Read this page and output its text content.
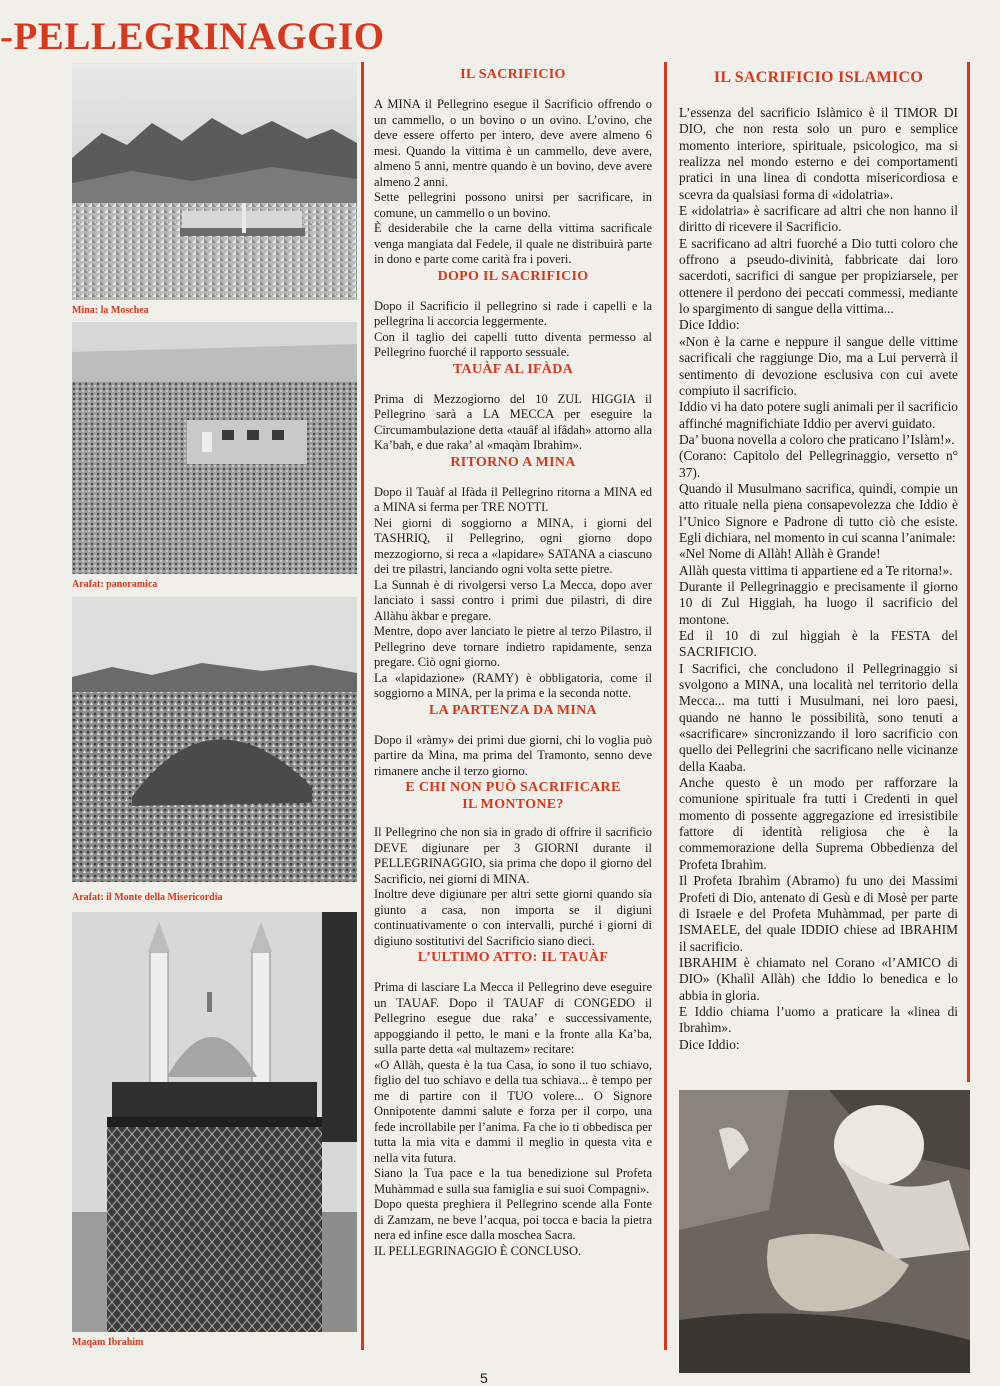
-PELLEGRINAGGIO
Mina: la Moschea
Arafat: panoramica
Arafat: il Monte della Misericordia
Maqam Ibrahim
IL SACRIFICIO

A MINA il Pellegrino esegue il Sacrificio offrendo o un cammello, o un bovino o un ovino. L’ovino, che deve essere offerto per intero, deve avere almeno 6 mesi. Quando la vittima è un cammello, deve avere, almeno 5 anni, mentre quando è un bovino, deve avere almeno 2 anni.

Sette pellegrini possono unirsi per sacrificare, in comune, un cammello o un bovino.

È desiderabile che la carne della vittima sacrificale venga mangiata dal Fedele, il quale ne distribuirà parte in dono e parte come carità fra i poveri.

DOPO IL SACRIFICIO

Dopo il Sacrificio il pellegrino si rade i capelli e la pellegrina li accorcia leggermente.

Con il taglio dei capelli tutto diventa permesso al Pellegrino fuorché il rapporto sessuale.

TAUÀF AL IFÀDA

Prima di Mezzogiorno del 10 ZUL HIGGIA il Pellegrino sarà a LA MECCA per eseguire la Circumambulazione detta «tauâf al ifâdah» attorno alla Ka’bah, e due raka’ al «maqàm Ibrahìm».

RITORNO A MINA

Dopo il Tauàf al Ifàda il Pellegrino ritorna a MINA ed a MINA si ferma per TRE NOTTI.

Nei giorni di soggiorno a MINA, i giorni del TASHRIQ, il Pellegrino, ogni giorno dopo mezzogiorno, si reca a «lapidare» SATANA a ciascuno dei tre pilastri, lanciando ogni volta sette pietre.

La Sunnah è di rivolgersi verso La Mecca, dopo aver lanciato i sassi contro i primi due pilastri, di dire Allàhu àkbar e pregare.

Mentre, dopo aver lanciato le pietre al terzo Pilastro, il Pellegrino deve tornare indietro rapidamente, senza pregare. Ciò ogni giorno.

La «lapidazione» (RAMY) è obbligatoria, come il soggiorno a MINA, per la prima e la seconda notte.

LA PARTENZA DA MINA

Dopo il «ràmy» dei primi due giorni, chi lo voglia può partire da Mina, ma prima del Tramonto, senno deve rimanere anche il terzo giorno.

E CHI NON PUÒ SACRIFICARE
IL MONTONE?

Il Pellegrino che non sia in grado di offrire il sacrificio DEVE digiunare per 3 GIORNI durante il PELLEGRINAGGIO, sia prima che dopo il giorno del Sacrificio, nei giorni di MINA.

Inoltre deve digiunare per altri sette giorni quando sia giunto a casa, non importa se il digiuni continuativamente o con intervalli, purché i giorni di digiuno sostitutivi del Sacrificio siano dieci.

L’ULTIMO ATTO: IL TAUÀF

Prima di lasciare La Mecca il Pellegrino deve eseguire un TAUAF. Dopo il TAUAF di CONGEDO il Pellegrino esegue due raka’ e successivamente, appoggiando il petto, le mani e la fronte alla Ka’ba, sulla parte detta «al multazem» recitare:

«O Allàh, questa è la tua Casa, io sono il tuo schiavo, figlio del tuo schiavo e della tua schiava... è tempo per me di partire con il TUO volere... O Signore Onnipotente dammi salute e forza per il corpo, una fede incrollabile per l’anima. Fa che io ti obbedisca per tutta la mia vita e dammi il meglio in questa vita e nella vita futura.

Siano la Tua pace e la tua benedizione sul Profeta Muhàmmad e sulla sua famiglia e sui suoi Compagni».

Dopo questa preghiera il Pellegrino scende alla Fonte di Zamzam, ne beve l’acqua, poi tocca e bacia la pietra nera ed infine esce dalla moschea Sacra.

IL PELLEGRINAGGIO È CONCLUSO.

IL SACRIFICIO ISLAMICO

L’essenza del sacrificio Islàmico è il TIMOR DI DIO, che non resta solo un puro e semplice momento interiore, spirituale, psicologico, ma si realizza nel mondo esterno e dei comportamenti pratici in una linea di condotta misericordiosa e scevra da qualsiasi forma di «idolatria».

E «idolatria» è sacrificare ad altri che non hanno il diritto di ricevere il Sacrificio.

E sacrificano ad altri fuorché a Dio tutti coloro che offrono a pseudo-divinità, fabbricate dai loro sacerdoti, sacrifici di sangue per propiziarsele, per ottenere il perdono dei peccati commessi, mediante lo spargimento di sangue della vittima...

Dice Iddio:

«Non è la carne e neppure il sangue delle vittime sacrificali che raggiunge Dio, ma a Lui perverrà il sentimento di devozione esclusiva con cui avete compiuto il sacrificio.

Iddio vi ha dato potere sugli animali per il sacrificio affinché magnifichiate Iddio per avervi guidato.

Da’ buona novella a coloro che praticano l’Islàm!».

(Corano: Capitolo del Pellegrinaggio, versetto n° 37).

Quando il Musulmano sacrifica, quindi, compie un atto rituale nella piena consapevolezza che Iddio è l’Unico Signore e Padrone di tutto ciò che esiste. Egli dichiara, nel momento in cui scanna l’animale:

«Nel Nome di Allàh! Allàh è Grande!

Allàh questa vittima ti appartiene ed a Te ritorna!».

Durante il Pellegrinaggio e precisamente il giorno 10 di Zul Higgiah, ha luogo il sacrificio del montone.

Ed il 10 di zul hìggiah è la FESTA del SACRIFICIO.

I Sacrifici, che concludono il Pellegrinaggio si svolgono a MINA, una località nel territorio della Mecca... ma tutti i Musulmani, nei loro paesi, quando ne hanno le possibilità, sono tenuti a «sacrificare» sincronizzando il loro sacrificio con quello dei Pellegrini che sacrificano nelle vicinanze della Kaaba.

Anche questo è un modo per rafforzare la comunione spirituale fra tutti i Credenti in quel momento di possente aggregazione ed irresistibile fattore di identità religiosa che è la commemorazione della Suprema Obbedienza del Profeta Ibrahìm.

Il Profeta Ibrahìm (Abramo) fu uno dei Massimi Profeti di Dio, antenato di Gesù e di Mosè per parte di Israele e del Profeta Muhàmmad, per parte di ISMAELE, del quale IDDIO chiese ad IBRAHIM il sacrificio.

IBRAHIM è chiamato nel Corano «l’AMICO di DIO» (Khalìl Allàh) che Iddio lo benedica e lo abbia in gloria.

E Iddio chiama l’uomo a praticare la «linea di Ibrahìm».

Dice Iddio:

5
